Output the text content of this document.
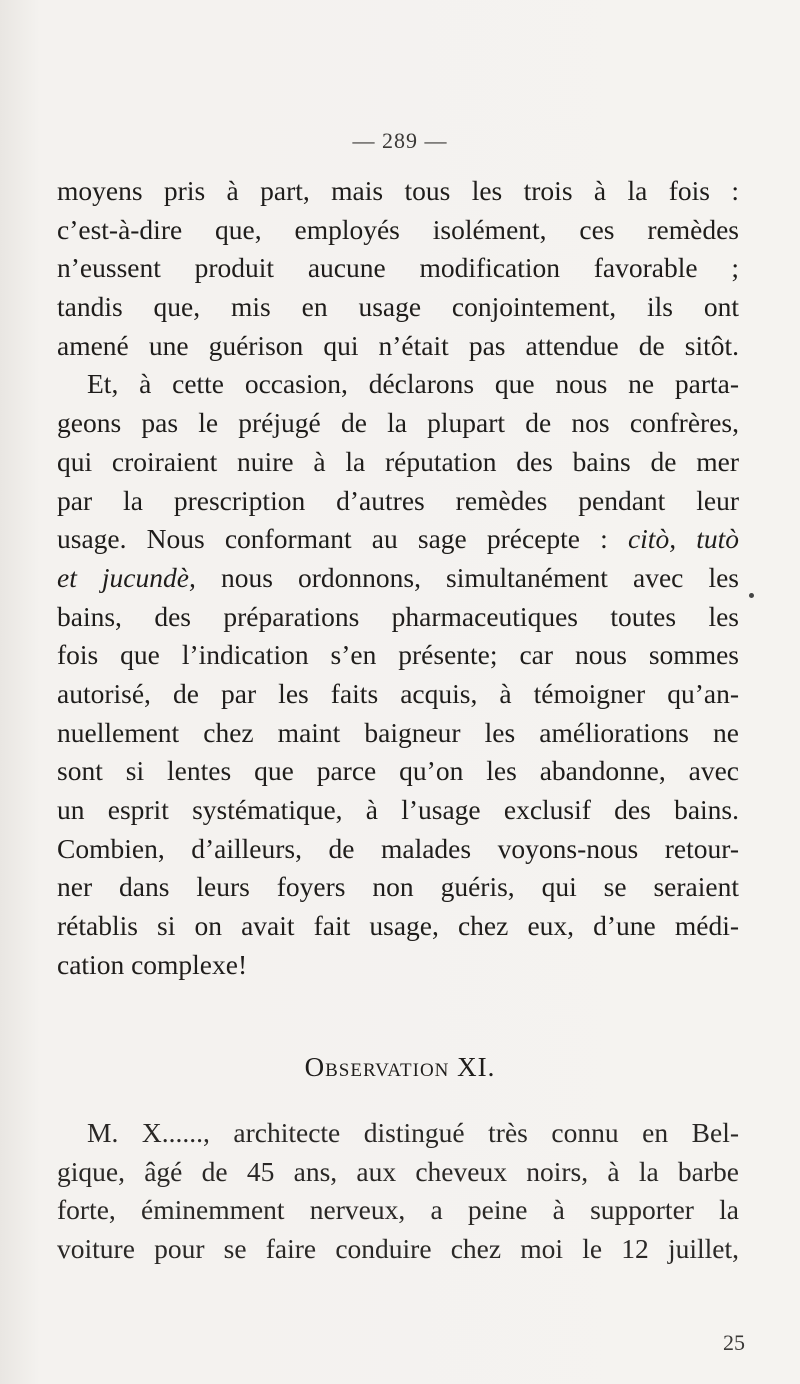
— 289 —
moyens pris à part, mais tous les trois à la fois :
c’est-à-dire que, employés isolément, ces remèdes
n’eussent produit aucune modification favorable ;
tandis que, mis en usage conjointement, ils ont
amené une guérison qui n’était pas attendue de sitôt.
Et, à cette occasion, déclarons que nous ne parta-
geons pas le préjugé de la plupart de nos confrères,
qui croiraient nuire à la réputation des bains de mer
par la prescription d’autres remèdes pendant leur
usage. Nous conformant au sage précepte : citò, tutò
et jucundè, nous ordonnons, simultanément avec les
bains, des préparations pharmaceutiques toutes les
fois que l’indication s’en présente; car nous sommes
autorisé, de par les faits acquis, à témoigner qu’an-
nuellement chez maint baigneur les améliorations ne
sont si lentes que parce qu’on les abandonne, avec
un esprit systématique, à l’usage exclusif des bains.
Combien, d’ailleurs, de malades voyons-nous retour-
ner dans leurs foyers non guéris, qui se seraient
rétablis si on avait fait usage, chez eux, d’une médi-
cation complexe!
Observation XI.
M. X......, architecte distingué très connu en Bel-
gique, âgé de 45 ans, aux cheveux noirs, à la barbe
forte, éminemment nerveux, a peine à supporter la
voiture pour se faire conduire chez moi le 12 juillet,
25
